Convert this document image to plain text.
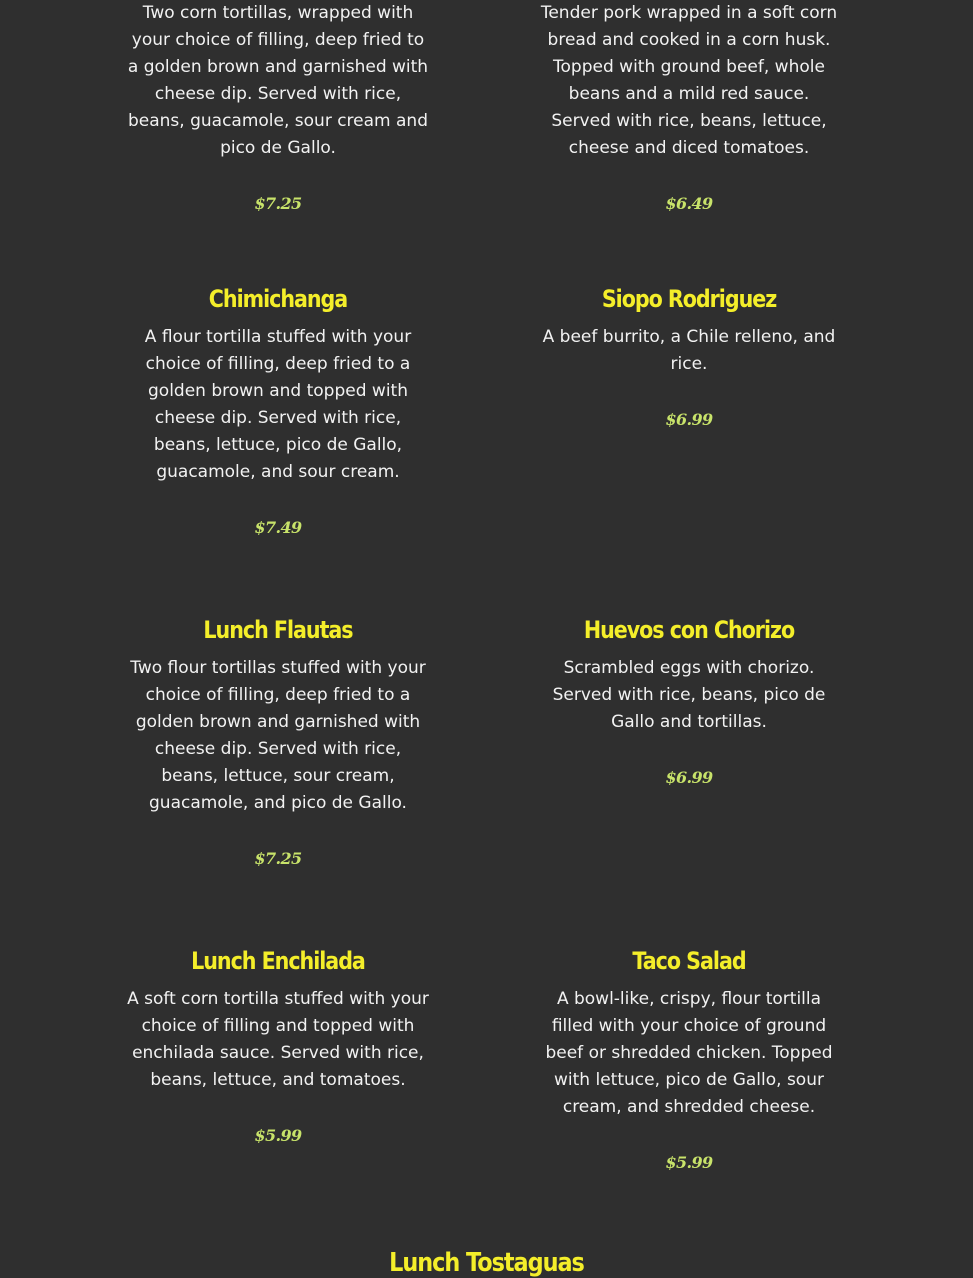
Two corn tortillas, wrapped with your choice of filling, deep fried to a golden brown and garnished with cheese dip. Served with rice, beans, guacamole, sour cream and pico de Gallo.

$7.25

Tender pork wrapped in a soft corn bread and cooked in a corn husk. Topped with ground beef, whole beans and a mild red sauce. Served with rice, beans, lettuce, cheese and diced tomatoes.

$6.49
Chimichanga

A flour tortilla stuffed with your choice of filling, deep fried to a golden brown and topped with cheese dip. Served with rice, beans, lettuce, pico de Gallo, guacamole, and sour cream.

$7.49
Siopo Rodriguez

A beef burrito, a Chile relleno, and rice.

$6.99
Lunch Flautas

Two flour tortillas stuffed with your choice of filling, deep fried to a golden brown and garnished with cheese dip. Served with rice, beans, lettuce, sour cream, guacamole, and pico de Gallo.

$7.25
Huevos con Chorizo

Scrambled eggs with chorizo. Served with rice, beans, pico de Gallo and tortillas.

$6.99
Lunch Enchilada

A soft corn tortilla stuffed with your choice of filling and topped with enchilada sauce. Served with rice, beans, lettuce, and tomatoes.

$5.99
Taco Salad

A bowl-like, crispy, flour tortilla filled with your choice of ground beef or shredded chicken. Topped with lettuce, pico de Gallo, sour cream, and shredded cheese.

$5.99
Lunch Tostaguas
